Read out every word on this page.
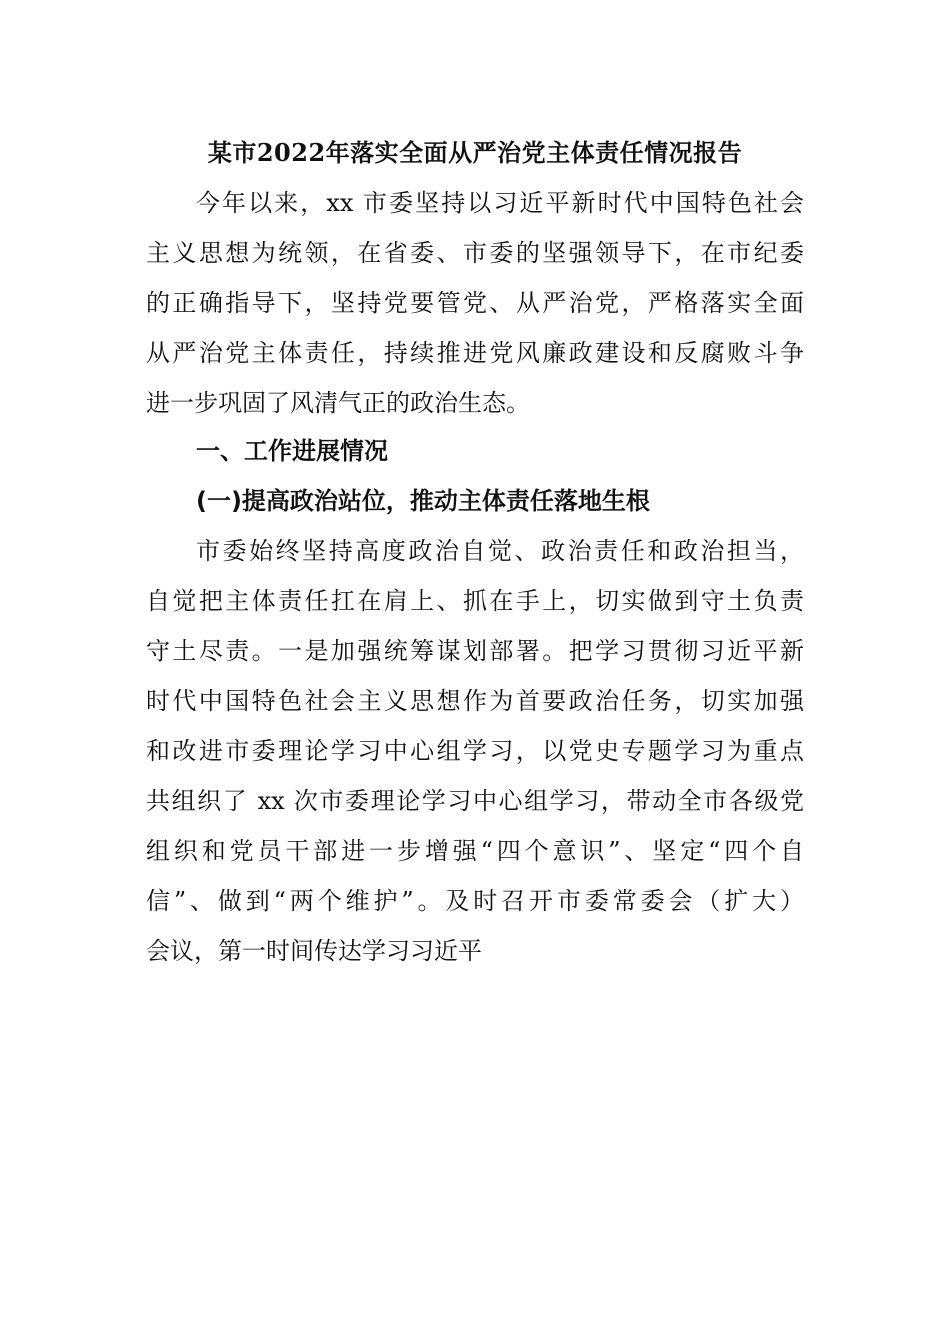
某市2022年落实全面从严治党主体责任情况报告
今年以来，xx 市委坚持以习近平新时代中国特色社会
主义思想为统领，在省委、市委的坚强领导下，在市纪委
的正确指导下，坚持党要管党、从严治党，严格落实全面
从严治党主体责任，持续推进党风廉政建设和反腐败斗争
进一步巩固了风清气正的政治生态。
一、工作进展情况
(一)提高政治站位，推动主体责任落地生根
市委始终坚持高度政治自觉、政治责任和政治担当，
自觉把主体责任扛在肩上、抓在手上，切实做到守土负责
守土尽责。一是加强统筹谋划部署。把学习贯彻习近平新
时代中国特色社会主义思想作为首要政治任务，切实加强
和改进市委理论学习中心组学习，以党史专题学习为重点
共组织了 xx 次市委理论学习中心组学习，带动全市各级党
组织和党员干部进一步增强“四个意识”、坚定“四个自
信”、做到“两个维护”。及时召开市委常委会（扩大）
会议，第一时间传达学习习近平
